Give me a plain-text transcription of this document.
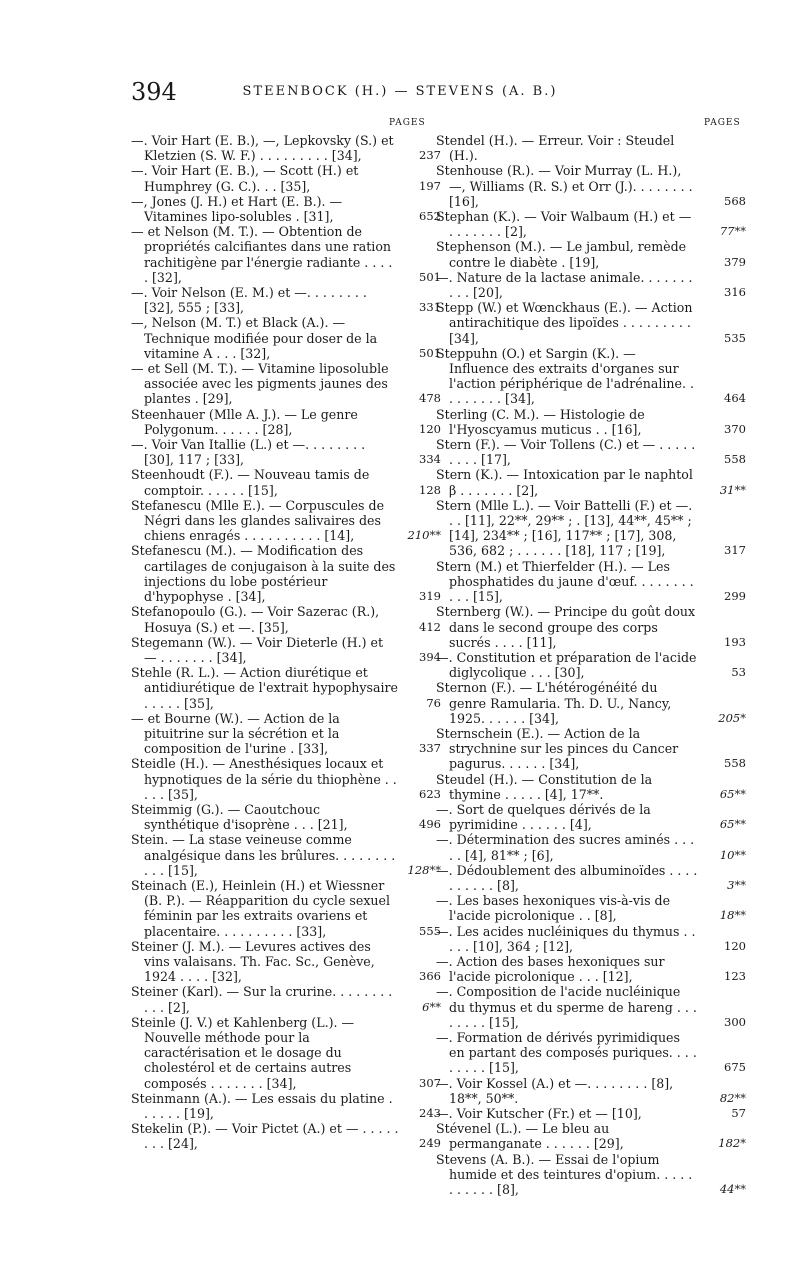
394	STEENBOCK (H.) — STEVENS (A. B.)
PAGES
—. Voir Hart (E. B.), —, Lepkovsky (S.) et Kletzien (S. W. F.) . . . . . . . . . [34],	237
—. Voir Hart (E. B.), — Scott (H.) et Humphrey (G. C.). . . [35],	197
—, Jones (J. H.) et Hart (E. B.). — Vitamines lipo-solubles . [31],	652
— et Nelson (M. T.). — Obtention de propriétés calcifiantes dans une ration rachitigène par l'énergie radiante . . . . . [32],	501
—. Voir Nelson (E. M.) et —. . . . . . . . [32], 555 ; [33],	331
—, Nelson (M. T.) et Black (A.). — Technique modifiée pour doser de la vitamine A . . . [32],	501
— et Sell (M. T.). — Vitamine liposoluble associée avec les pigments jaunes des plantes . [29],	478
Steenhauer (Mlle A. J.). — Le genre Polygonum. . . . . . [28],	120
—. Voir Van Itallie (L.) et —. . . . . . . . [30], 117 ; [33],	334
Steenhoudt (F.). — Nouveau tamis de comptoir. . . . . . [15],	128
Stefanescu (Mlle E.). — Corpuscules de Négri dans les glandes salivaires des chiens enragés . . . . . . . . . . [14],	210**
Stefanescu (M.). — Modification des cartilages de conjugaison à la suite des injections du lobe postérieur d'hypophyse . [34],	319
Stefanopoulo (G.). — Voir Sazerac (R.), Hosuya (S.) et —. [35],	412
Stegemann (W.). — Voir Dieterle (H.) et — . . . . . . . [34],	394
Stehle (R. L.). — Action diurétique et antidiurétique de l'extrait hypophysaire . . . . . [35],	76
— et Bourne (W.). — Action de la pituitrine sur la sécrétion et la composition de l'urine . [33],	337
Steidle (H.). — Anesthésiques locaux et hypnotiques de la série du thiophène . . . . . [35],	623
Steimmig (G.). — Caoutchouc synthétique d'isoprène . . . [21],	496
Stein. — La stase veineuse comme analgésique dans les brûlures. . . . . . . . . . . [15],	128**
Steinach (E.), Heinlein (H.) et Wiessner (B. P.). — Réapparition du cycle sexuel féminin par les extraits ovariens et placentaire. . . . . . . . . . [33],	555
Steiner (J. M.). — Levures actives des vins valaisans. Th. Fac. Sc., Genève, 1924 . . . . [32],	366
Steiner (Karl). — Sur la crurine. . . . . . . . . . . [2],	6**
Steinle (J. V.) et Kahlenberg (L.). — Nouvelle méthode pour la caractérisation et le dosage du cholestérol et de certains autres composés . . . . . . . [34],	307
Steinmann (A.). — Les essais du platine . . . . . . [19],	243
Stekelin (P.). — Voir Pictet (A.) et — . . . . . . . . [24],	249
PAGES
Stendel (H.). — Erreur. Voir : Steudel (H.).
Stenhouse (R.). — Voir Murray (L. H.), —, Williams (R. S.) et Orr (J.). . . . . . . . [16],	568
Stephan (K.). — Voir Walbaum (H.) et — . . . . . . . [2],	77**
Stephenson (M.). — Le jambul, remède contre le diabète . [19],	379
—. Nature de la lactase animale. . . . . . . . . . [20],	316
Stepp (W.) et Wœnckhaus (E.). — Action antirachitique des lipoïdes . . . . . . . . . [34],	535
Steppuhn (O.) et Sargin (K.). — Influence des extraits d'organes sur l'action périphérique de l'adrénaline. . . . . . . . . [34],	464
Sterling (C. M.). — Histologie de l'Hyoscyamus muticus . . [16],	370
Stern (F.). — Voir Tollens (C.) et — . . . . . . . . . [17],	558
Stern (K.). — Intoxication par le naphtol β . . . . . . . [2],	31**
Stern (Mlle L.). — Voir Battelli (F.) et —. . . [11], 22**, 29** ; . [13], 44**, 45** ; [14], 234** ; [16], 117** ; [17], 308, 536, 682 ; . . . . . . [18], 117 ; [19],	317
Stern (M.) et Thierfelder (H.). — Les phosphatides du jaune d'œuf. . . . . . . . . . . [15],	299
Sternberg (W.). — Principe du goût doux dans le second groupe des corps sucrés . . . . [11],	193
—. Constitution et préparation de l'acide diglycolique . . . [30],	53
Sternon (F.). — L'hétérogénéité du genre Ramularia. Th. D. U., Nancy, 1925. . . . . . [34],	205*
Sternschein (E.). — Action de la strychnine sur les pinces du Cancer pagurus. . . . . . [34],	558
Steudel (H.). — Constitution de la thymine . . . . . [4], 17**.	65**
—. Sort de quelques dérivés de la pyrimidine . . . . . . [4],	65**
—. Détermination des sucres aminés . . . . . [4], 81** ; [6],	10**
—. Dédoublement des albuminoïdes . . . . . . . . . . [8],	3**
—. Les bases hexoniques vis-à-vis de l'acide picrolonique . . [8],	18**
—. Les acides nucléiniques du thymus . . . . . [10], 364 ; [12],	120
—. Action des bases hexoniques sur l'acide picrolonique . . . [12],	123
—. Composition de l'acide nucléinique du thymus et du sperme de hareng . . . . . . . . [15],	300
—. Formation de dérivés pyrimidiques en partant des composés puriques. . . . . . . . . [15],	675
—. Voir Kossel (A.) et —. . . . . . . . [8], 18**, 50**.	82**
—. Voir Kutscher (Fr.) et — [10],	57
Stévenel (L.). — Le bleu au permanganate . . . . . . [29],	182*
Stevens (A. B.). — Essai de l'opium humide et des teintures d'opium. . . . . . . . . . . [8],	44**
